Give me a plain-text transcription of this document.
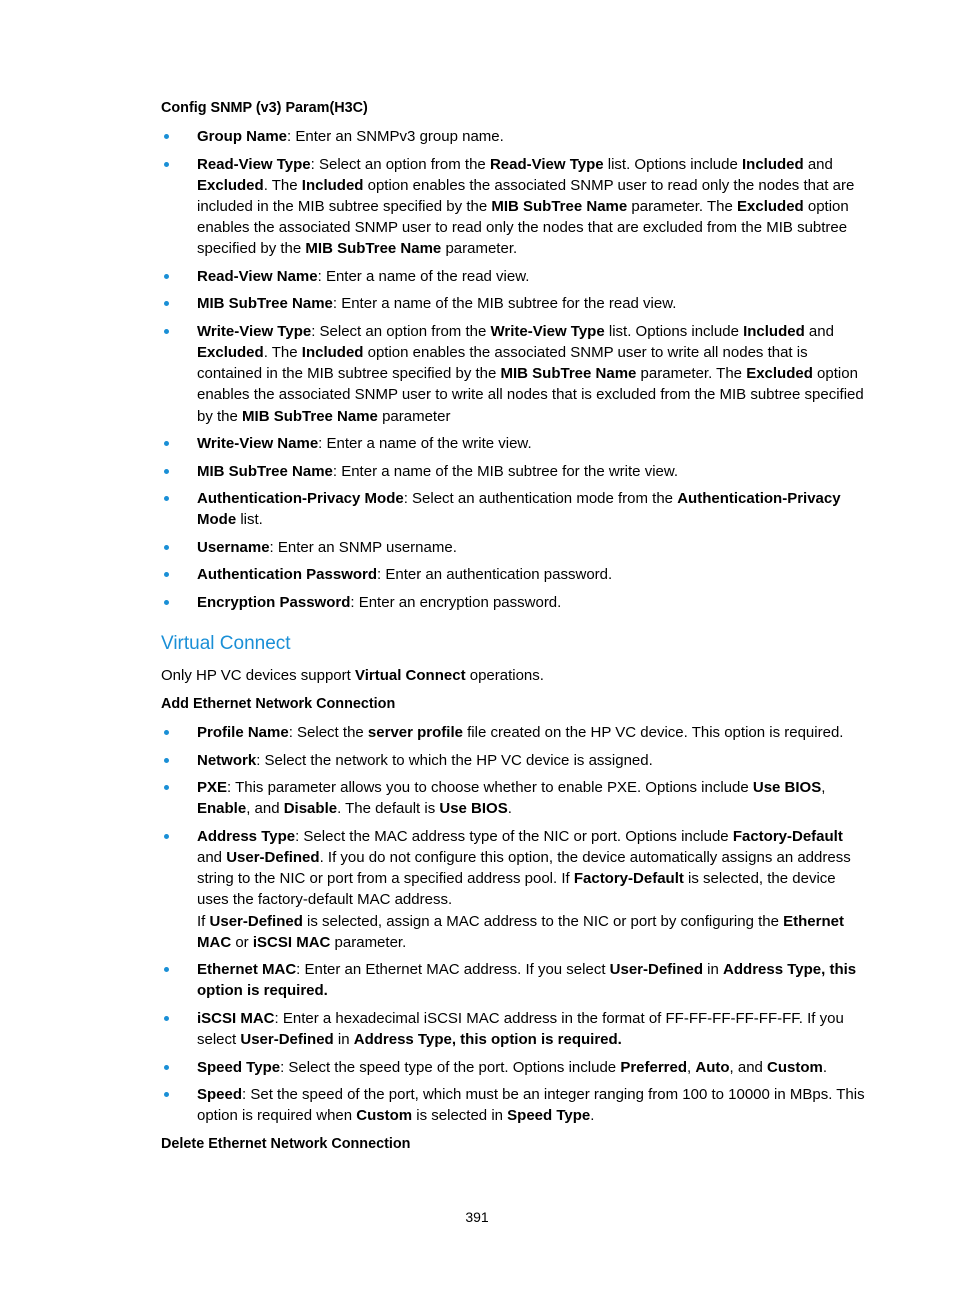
Config SNMP (v3) Param(H3C)
Group Name: Enter an SNMPv3 group name.
Read-View Type: Select an option from the Read-View Type list. Options include Included and Excluded. The Included option enables the associated SNMP user to read only the nodes that are included in the MIB subtree specified by the MIB SubTree Name parameter. The Excluded option enables the associated SNMP user to read only the nodes that are excluded from the MIB subtree specified by the MIB SubTree Name parameter.
Read-View Name: Enter a name of the read view.
MIB SubTree Name: Enter a name of the MIB subtree for the read view.
Write-View Type: Select an option from the Write-View Type list. Options include Included and Excluded. The Included option enables the associated SNMP user to write all nodes that is contained in the MIB subtree specified by the MIB SubTree Name parameter. The Excluded option enables the associated SNMP user to write all nodes that is excluded from the MIB subtree specified by the MIB SubTree Name parameter
Write-View Name: Enter a name of the write view.
MIB SubTree Name: Enter a name of the MIB subtree for the write view.
Authentication-Privacy Mode: Select an authentication mode from the Authentication-Privacy Mode list.
Username: Enter an SNMP username.
Authentication Password: Enter an authentication password.
Encryption Password: Enter an encryption password.
Virtual Connect
Only HP VC devices support Virtual Connect operations.
Add Ethernet Network Connection
Profile Name: Select the server profile file created on the HP VC device. This option is required.
Network: Select the network to which the HP VC device is assigned.
PXE: This parameter allows you to choose whether to enable PXE. Options include Use BIOS, Enable, and Disable. The default is Use BIOS.
Address Type: Select the MAC address type of the NIC or port. Options include Factory-Default and User-Defined. If you do not configure this option, the device automatically assigns an address string to the NIC or port from a specified address pool. If Factory-Default is selected, the device uses the factory-default MAC address.
If User-Defined is selected, assign a MAC address to the NIC or port by configuring the Ethernet MAC or iSCSI MAC parameter.
Ethernet MAC: Enter an Ethernet MAC address. If you select User-Defined in Address Type, this option is required.
iSCSI MAC: Enter a hexadecimal iSCSI MAC address in the format of FF-FF-FF-FF-FF-FF. If you select User-Defined in Address Type, this option is required.
Speed Type: Select the speed type of the port. Options include Preferred, Auto, and Custom.
Speed: Set the speed of the port, which must be an integer ranging from 100 to 10000 in MBps. This option is required when Custom is selected in Speed Type.
Delete Ethernet Network Connection
391
